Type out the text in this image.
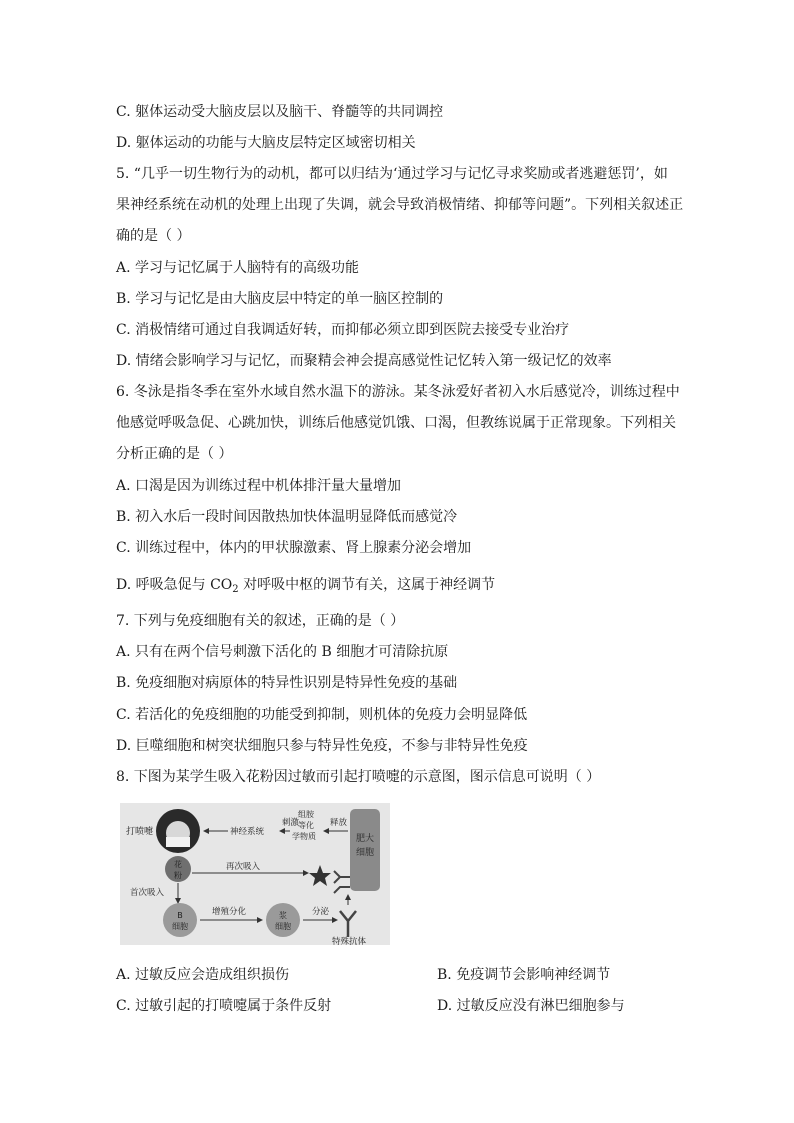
C. 躯体运动受大脑皮层以及脑干、脊髓等的共同调控
D. 躯体运动的功能与大脑皮层特定区域密切相关
5. “几乎一切生物行为的动机，都可以归结为‘通过学习与记忆寻求奖励或者逃避惩罚’，如
果神经系统在动机的处理上出现了失调，就会导致消极情绪、抑郁等问题”。下列相关叙述正
确的是（ ）
A. 学习与记忆属于人脑特有的高级功能
B. 学习与记忆是由大脑皮层中特定的单一脑区控制的
C. 消极情绪可通过自我调适好转，而抑郁必须立即到医院去接受专业治疗
D. 情绪会影响学习与记忆，而聚精会神会提高感觉性记忆转入第一级记忆的效率
6. 冬泳是指冬季在室外水域自然水温下的游泳。某冬泳爱好者初入水后感觉冷，训练过程中
他感觉呼吸急促、心跳加快，训练后他感觉饥饿、口渴，但教练说属于正常现象。下列相关
分析正确的是（ ）
A. 口渴是因为训练过程中机体排汗量大量增加
B. 初入水后一段时间因散热加快体温明显降低而感觉冷
C. 训练过程中，体内的甲状腺激素、肾上腺素分泌会增加
D. 呼吸急促与 $CO_2$ 对呼吸中枢的调节有关，这属于神经调节
7. 下列与免疫细胞有关的叙述，正确的是（ ）
A. 只有在两个信号刺激下活化的 B 细胞才可清除抗原
B. 免疫细胞对病原体的特异性识别是特异性免疫的基础
C. 若活化的免疫细胞的功能受到抑制，则机体的免疫力会明显降低
D. 巨噬细胞和树突状细胞只参与特异性免疫，不参与非特异性免疫
8. 下图为某学生吸入花粉因过敏而引起打喷嚏的示意图，图示信息可说明（ ）
肥大
细胞
打喷嚏	神经系统
刺激
组胺
等化
学物质
释放
花
粉
再次吸入
首次吸入
B
细胞
增殖分化	浆
细胞
分泌
特殊抗体
A. 过敏反应会造成组织损伤	B. 免疫调节会影响神经调节
C. 过敏引起的打喷嚏属于条件反射	D. 过敏反应没有淋巴细胞参与
